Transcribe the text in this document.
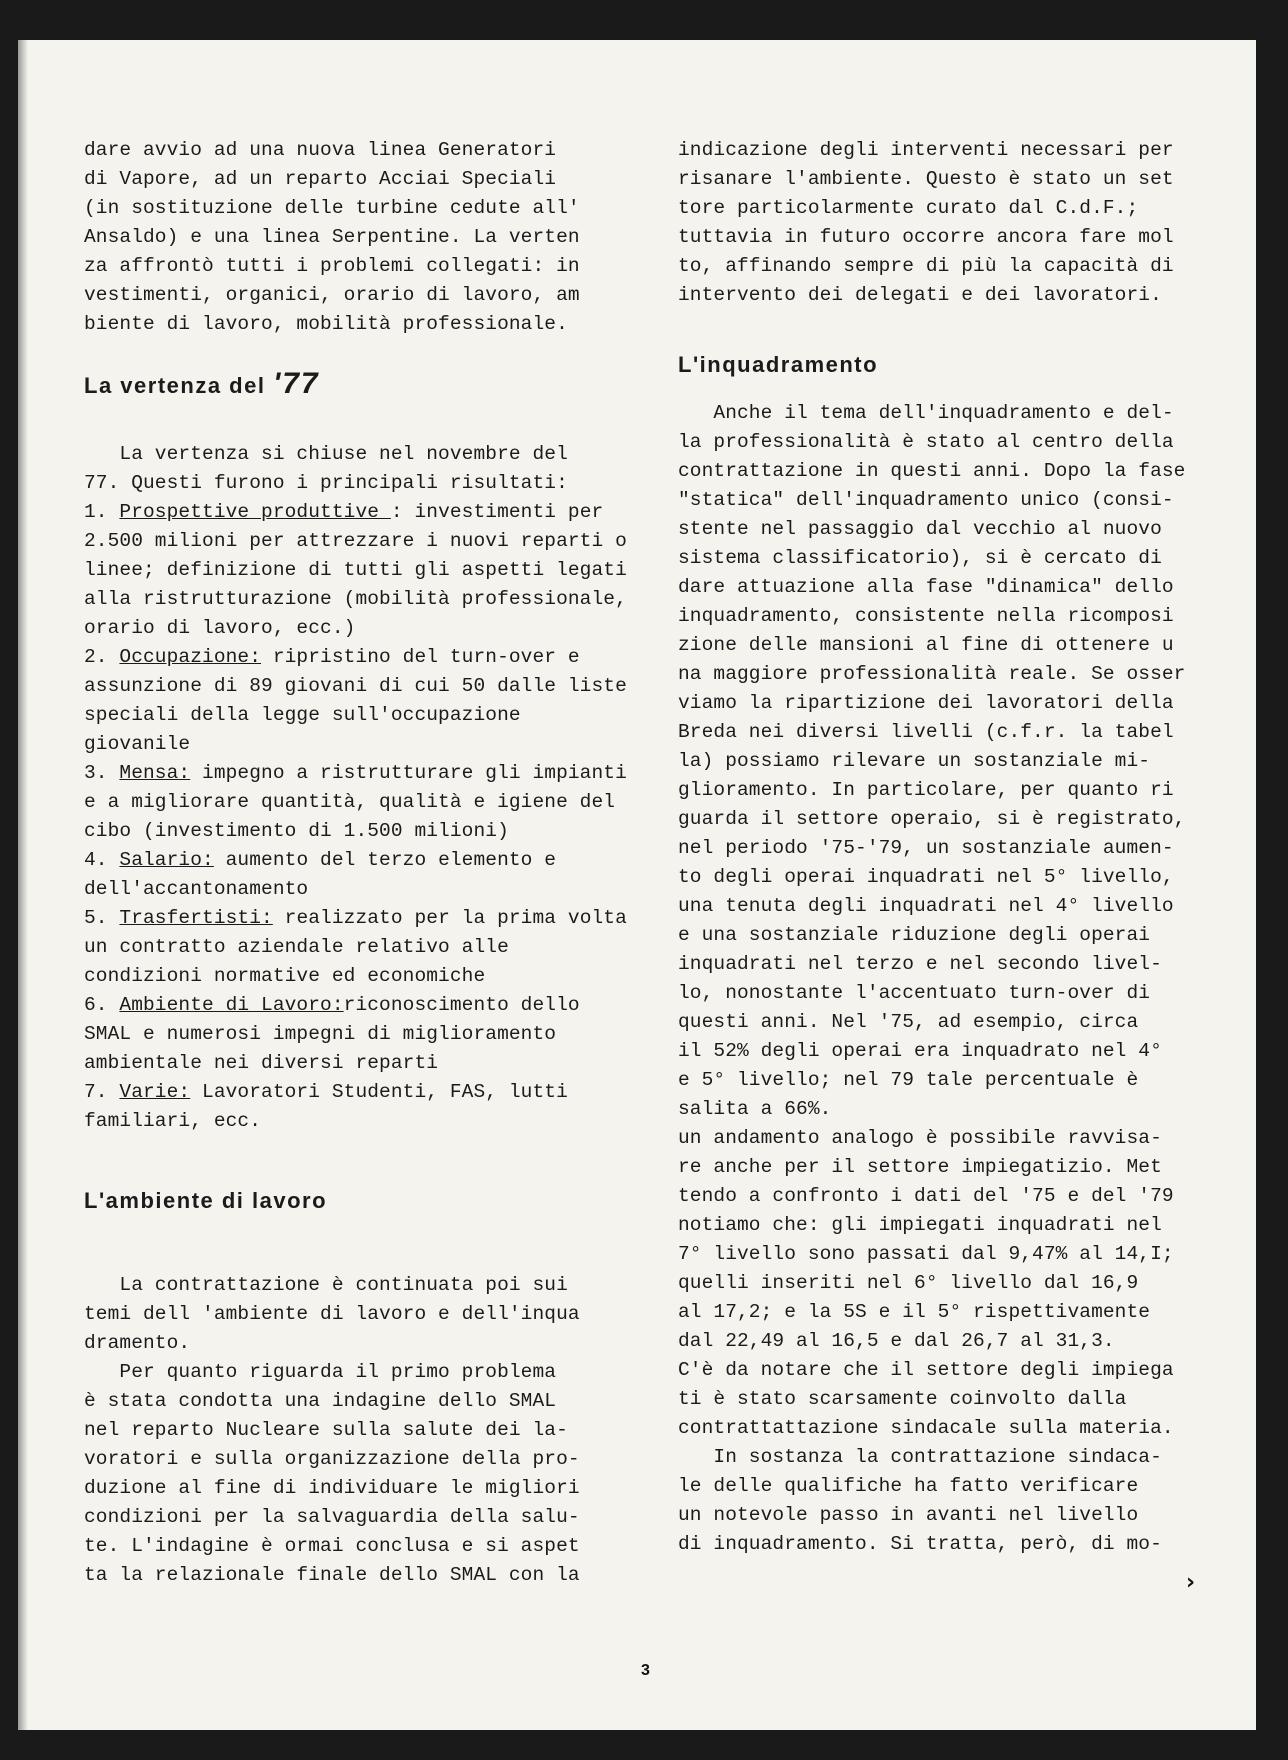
dare avvio ad una nuova linea Generatori

di Vapore, ad un reparto Acciai Speciali

(in sostituzione delle turbine cedute all'

Ansaldo) e una linea Serpentine. La verten

za affrontò tutti i problemi collegati: in

vestimenti, organici, orario di lavoro, am

biente di lavoro, mobilità professionale.

La vertenza del '77

La vertenza si chiuse nel novembre del

77. Questi furono i principali risultati:

1. Prospettive produttive : investimenti per 2.500 milioni per attrezzare i nuovi reparti o linee; definizione di tutti gli aspetti legati alla ristrutturazione (mobilità professionale, orario di lavoro, ecc.)

2. Occupazione: ripristino del turn-over e assunzione di 89 giovani di cui 50 dalle liste speciali della legge sull'occupazione giovanile

3. Mensa: impegno a ristrutturare gli impianti e a migliorare quantità, qualità e igiene del cibo (investimento di 1.500 milioni)

4. Salario: aumento del terzo elemento e dell'accantonamento

5. Trasfertisti: realizzato per la prima volta un contratto aziendale relativo alle condizioni normative ed economiche

6. Ambiente di Lavoro:riconoscimento dello SMAL e numerosi impegni di miglioramento ambientale nei diversi reparti

7. Varie: Lavoratori Studenti, FAS, lutti familiari, ecc.

L'ambiente di lavoro

La contrattazione è continuata poi sui

temi dell 'ambiente di lavoro e dell'inqua

dramento.

Per quanto riguarda il primo problema

è stata condotta una indagine dello SMAL

nel reparto Nucleare sulla salute dei la-

voratori e sulla organizzazione della pro-

duzione al fine di individuare le migliori

condizioni per la salvaguardia della salu-

te. L'indagine è ormai conclusa e si aspet

ta la relazionale finale dello SMAL con la

indicazione degli interventi necessari per

risanare l'ambiente. Questo è stato un set

tore particolarmente curato dal C.d.F.;

tuttavia in futuro occorre ancora fare mol

to, affinando sempre di più la capacità di

intervento dei delegati e dei lavoratori.

L'inquadramento

Anche il tema dell'inquadramento e del-

la professionalità è stato al centro della

contrattazione in questi anni. Dopo la fase

"statica" dell'inquadramento unico (consi-

stente nel passaggio dal vecchio al nuovo

sistema classificatorio), si è cercato di

dare attuazione alla fase "dinamica" dello

inquadramento, consistente nella ricomposi

zione delle mansioni al fine di ottenere u

na maggiore professionalità reale. Se osser

viamo la ripartizione dei lavoratori della

Breda nei diversi livelli (c.f.r. la tabel

la) possiamo rilevare un sostanziale mi-

glioramento. In particolare, per quanto ri

guarda il settore operaio, si è registrato,

nel periodo '75-'79, un sostanziale aumen-

to degli operai inquadrati nel 5° livello,

una tenuta degli inquadrati nel 4° livello

e una sostanziale riduzione degli operai

inquadrati nel terzo e nel secondo livel-

lo, nonostante l'accentuato turn-over di

questi anni. Nel '75, ad esempio, circa

il 52% degli operai era inquadrato nel 4°

e 5° livello; nel 79 tale percentuale è

salita a 66%.

un andamento analogo è possibile ravvisa-

re anche per il settore impiegatizio. Met

tendo a confronto i dati del '75 e del '79

notiamo che: gli impiegati inquadrati nel

7° livello sono passati dal 9,47% al 14,I;

quelli inseriti nel 6° livello dal 16,9

al 17,2; e la 5S e il 5° rispettivamente

dal 22,49 al 16,5 e dal 26,7 al 31,3.

C'è da notare che il settore degli impiega

ti è stato scarsamente coinvolto dalla

contrattattazione sindacale sulla materia.

In sostanza la contrattazione sindaca-

le delle qualifiche ha fatto verificare

un notevole passo in avanti nel livello

di inquadramento. Si tratta, però, di mo-

›
3
